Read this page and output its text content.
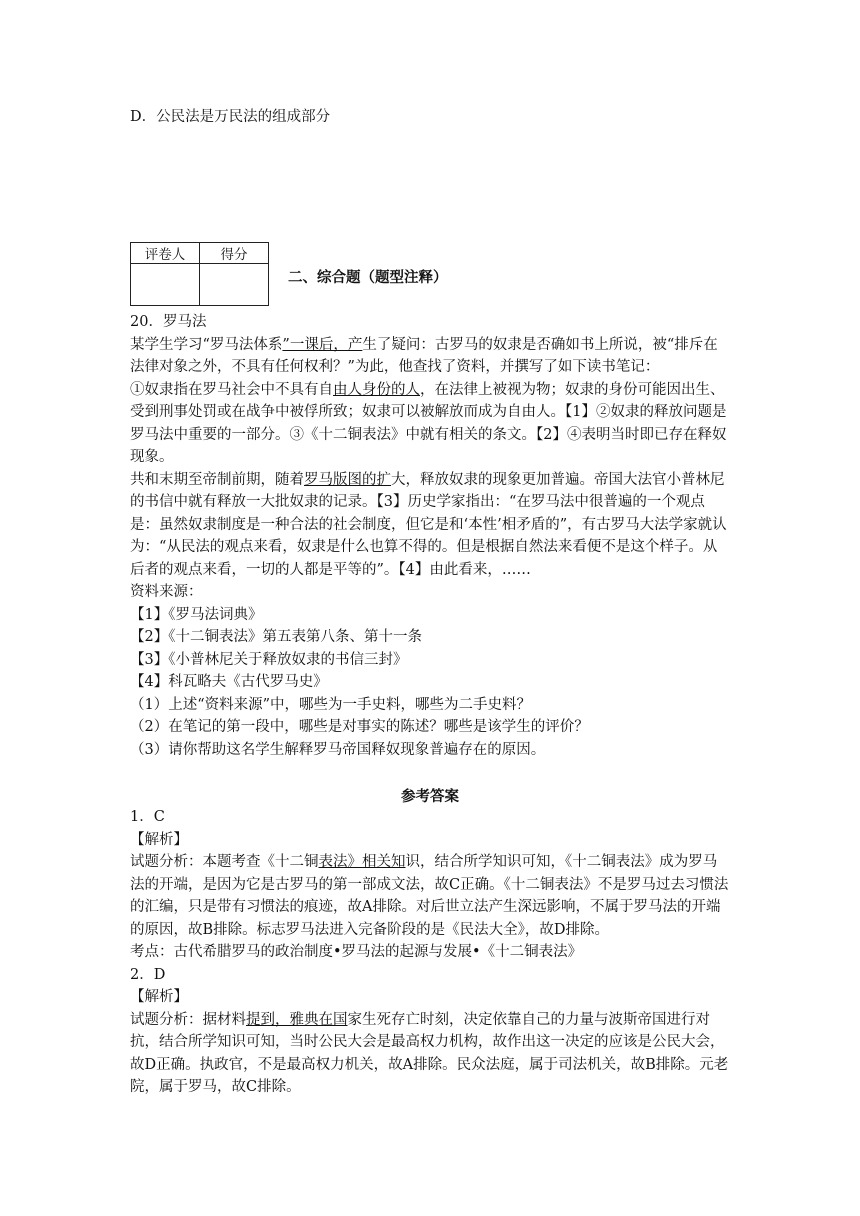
D．公民法是万民法的组成部分
评卷人	得分

二、综合题（题型注释）

20．罗马法

某学生学习“罗马法体系”一课后，产生了疑问：古罗马的奴隶是否确如书上所说，被“排斥在法律对象之外，不具有任何权利？”为此，他查找了资料，并撰写了如下读书笔记：

①奴隶指在罗马社会中不具有自由人身份的人，在法律上被视为物；奴隶的身份可能因出生、受到刑事处罚或在战争中被俘所致；奴隶可以被解放而成为自由人。【1】②奴隶的释放问题是罗马法中重要的一部分。③《十二铜表法》中就有相关的条文。【2】④表明当时即已存在释奴现象。

共和末期至帝制前期，随着罗马版图的扩大，释放奴隶的现象更加普遍。帝国大法官小普林尼的书信中就有释放一大批奴隶的记录。【3】历史学家指出：“在罗马法中很普遍的一个观点是：虽然奴隶制度是一种合法的社会制度，但它是和‘本性’相矛盾的”，有古罗马大法学家就认为：“从民法的观点来看，奴隶是什么也算不得的。但是根据自然法来看便不是这个样子。从后者的观点来看，一切的人都是平等的”。【4】由此看来，……

资料来源：

【1】《罗马法词典》

【2】《十二铜表法》第五表第八条、第十一条

【3】《小普林尼关于释放奴隶的书信三封》

【4】科瓦略夫《古代罗马史》

（1）上述“资料来源”中，哪些为一手史料，哪些为二手史料？

（2）在笔记的第一段中，哪些是对事实的陈述？哪些是该学生的评价？

（3）请你帮助这名学生解释罗马帝国释奴现象普遍存在的原因。

参考答案

1．C

【解析】

试题分析：本题考查《十二铜表法》相关知识，结合所学知识可知，《十二铜表法》成为罗马法的开端，是因为它是古罗马的第一部成文法，故C正确。《十二铜表法》不是罗马过去习惯法的汇编，只是带有习惯法的痕迹，故A排除。对后世立法产生深远影响，不属于罗马法的开端的原因，故B排除。标志罗马法进入完备阶段的是《民法大全》，故D排除。

考点：古代希腊罗马的政治制度•罗马法的起源与发展•《十二铜表法》

2．D

【解析】

试题分析：据材料提到，雅典在国家生死存亡时刻，决定依靠自己的力量与波斯帝国进行对抗，结合所学知识可知，当时公民大会是最高权力机构，故作出这一决定的应该是公民大会，故D正确。执政官，不是最高权力机关，故A排除。民众法庭，属于司法机关，故B排除。元老院，属于罗马，故C排除。
